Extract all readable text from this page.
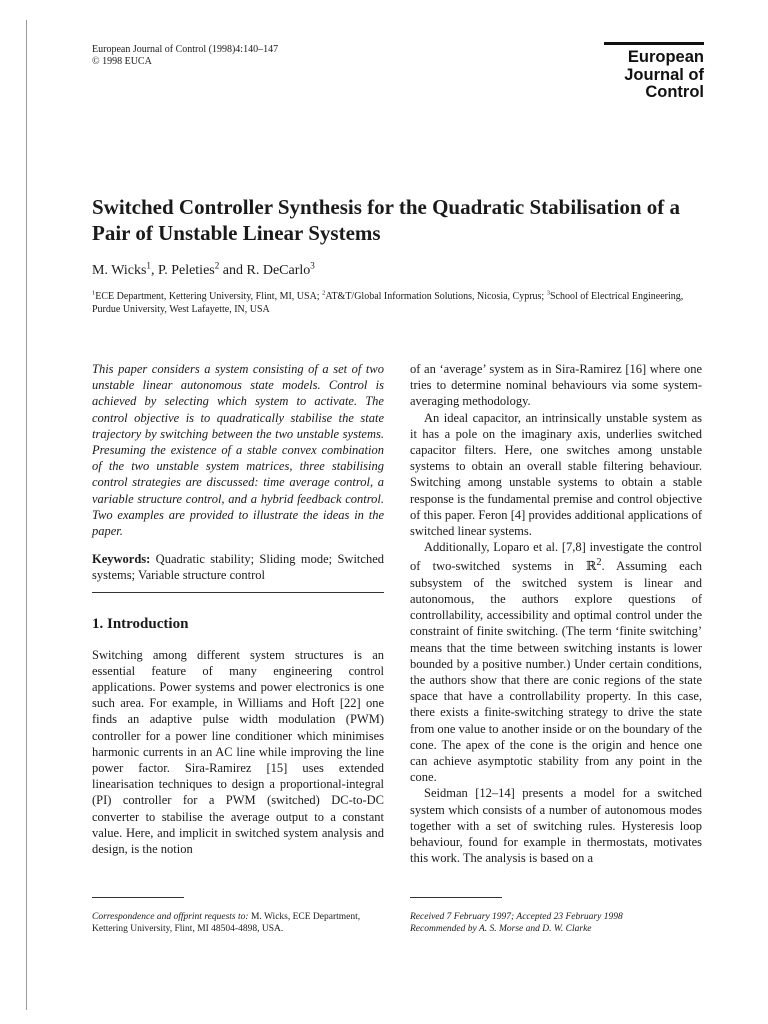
European Journal of Control (1998)4:140–147
© 1998 EUCA	European
Journal of
Control
Switched Controller Synthesis for the Quadratic Stabilisation of a Pair of Unstable Linear Systems
M. Wicks$^1$, P. Peleties$^2$ and R. DeCarlo$^3$
$^1$ECE Department, Kettering University, Flint, MI, USA; $^2$AT&T/Global Information Solutions, Nicosia, Cyprus; $^3$School of Electrical Engineering, Purdue University, West Lafayette, IN, USA

This paper considers a system consisting of a set of two unstable linear autonomous state models. Control is achieved by selecting which system to activate. The control objective is to quadratically stabilise the state trajectory by switching between the two unstable systems. Presuming the existence of a stable convex combination of the two unstable system matrices, three stabilising control strategies are discussed: time average control, a variable structure control, and a hybrid feedback control. Two examples are provided to illustrate the ideas in the paper.

Keywords: Quadratic stability; Sliding mode; Switched systems; Variable structure control

1. Introduction

Switching among different system structures is an essential feature of many engineering control applications. Power systems and power electronics is one such area. For example, in Williams and Hoft [22] one finds an adaptive pulse width modulation (PWM) controller for a power line conditioner which minimises harmonic currents in an AC line while improving the line power factor. Sira-Ramirez [15] uses extended linearisation techniques to design a proportional-integral (PI) controller for a PWM (switched) DC-to-DC converter to stabilise the average output to a constant value. Here, and implicit in switched system analysis and design, is the notion

of an ‘average’ system as in Sira-Ramirez [16] where one tries to determine nominal behaviours via some system-averaging methodology.

An ideal capacitor, an intrinsically unstable system as it has a pole on the imaginary axis, underlies switched capacitor filters. Here, one switches among unstable systems to obtain an overall stable filtering behaviour. Switching among unstable systems to obtain a stable response is the fundamental premise and control objective of this paper. Feron [4] provides additional applications of switched linear systems.

Additionally, Loparo et al. [7,8] investigate the control of two-switched systems in ℝ$^2$. Assuming each subsystem of the switched system is linear and autonomous, the authors explore questions of controllability, accessibility and optimal control under the constraint of finite switching. (The term ‘finite switching’ means that the time between switching instants is lower bounded by a positive number.) Under certain conditions, the authors show that there are conic regions of the state space that have a controllability property. In this case, there exists a finite-switching strategy to drive the state from one value to another inside or on the boundary of the cone. The apex of the cone is the origin and hence one can achieve asymptotic stability from any point in the cone.

Seidman [12–14] presents a model for a switched system which consists of a number of autonomous modes together with a set of switching rules. Hysteresis loop behaviour, found for example in thermostats, motivates this work. The analysis is based on a

Correspondence and offprint requests to: M. Wicks, ECE Department, Kettering University, Flint, MI 48504-4898, USA.
Received 7 February 1997; Accepted 23 February 1998
Recommended by A. S. Morse and D. W. Clarke
